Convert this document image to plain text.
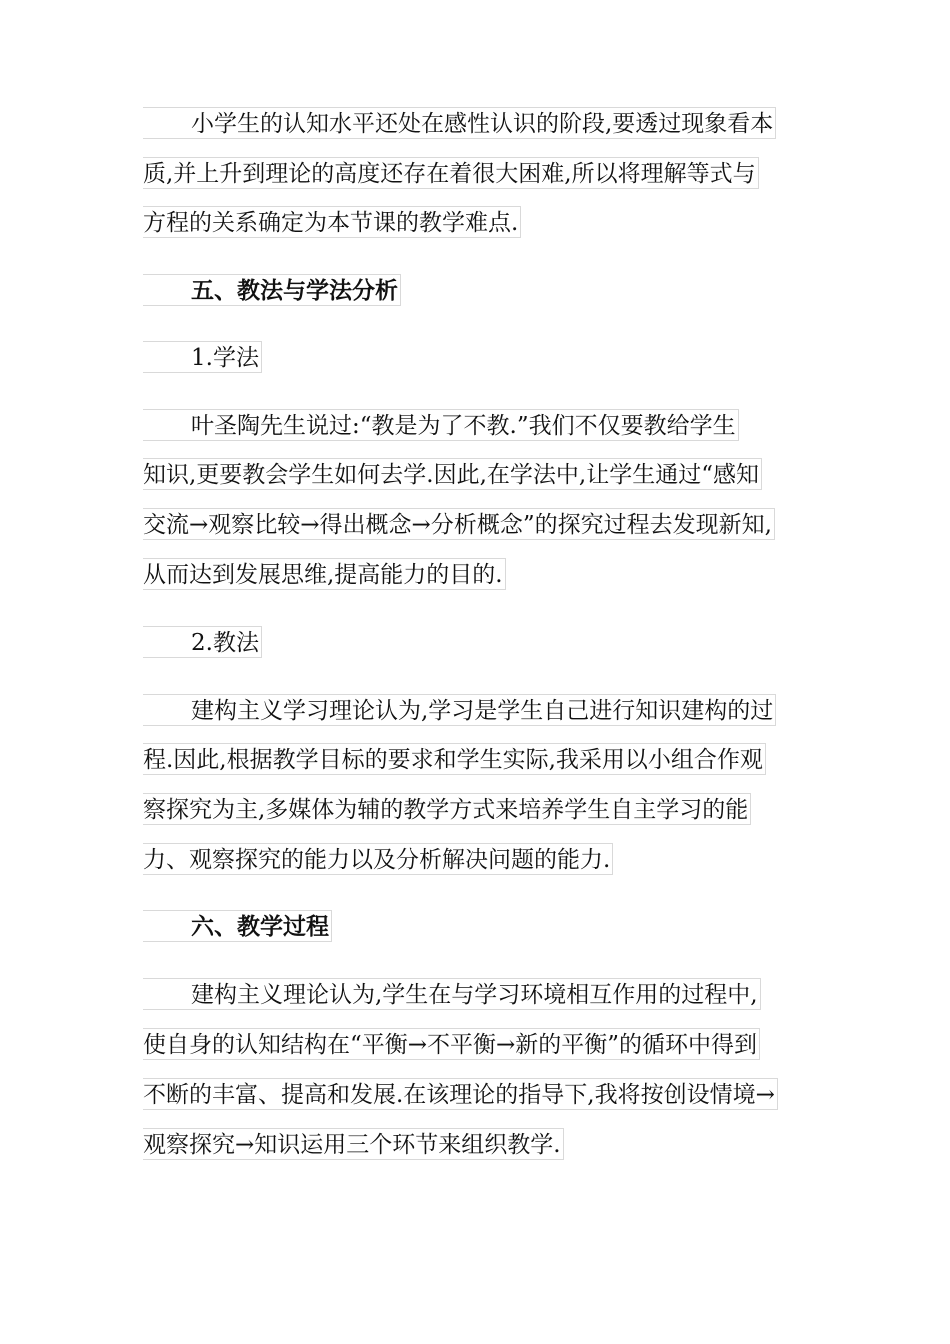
小学生的认知水平还处在感性认识的阶段,要透过现象看本
质,并上升到理论的高度还存在着很大困难,所以将理解等式与
方程的关系确定为本节课的教学难点.
五、教法与学法分析
1.学法
叶圣陶先生说过:“教是为了不教.”我们不仅要教给学生
知识,更要教会学生如何去学.因此,在学法中,让学生通过“感知
交流→观察比较→得出概念→分析概念”的探究过程去发现新知,
从而达到发展思维,提高能力的目的.
2.教法
建构主义学习理论认为,学习是学生自己进行知识建构的过
程.因此,根据教学目标的要求和学生实际,我采用以小组合作观
察探究为主,多媒体为辅的教学方式来培养学生自主学习的能
力、观察探究的能力以及分析解决问题的能力.
六、教学过程
建构主义理论认为,学生在与学习环境相互作用的过程中,
使自身的认知结构在“平衡→不平衡→新的平衡”的循环中得到
不断的丰富、提高和发展.在该理论的指导下,我将按创设情境→
观察探究→知识运用三个环节来组织教学.
